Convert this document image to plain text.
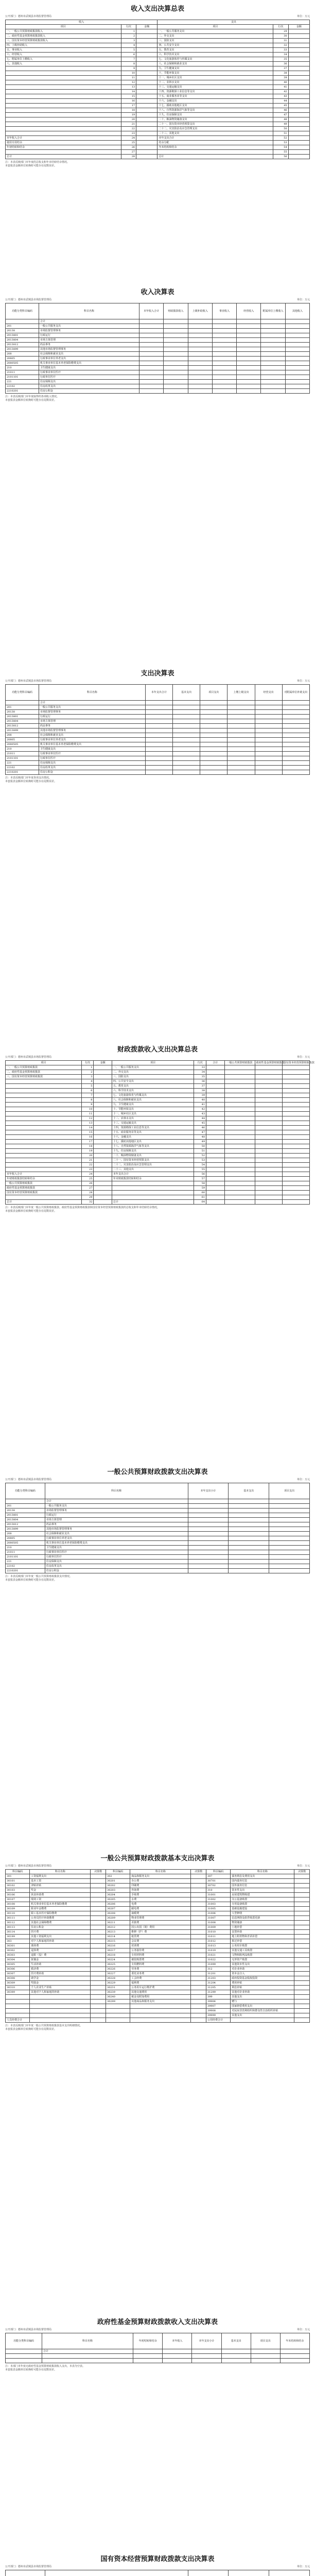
收入支出决算总表
公开部门：德州市武城县市场监督管理局	单位：万元
收入			支出		
项目	行次	金额	项目	行次	金额
一、一般公共预算财政拨款收入	1		一、一般公共服务支出	29	
二、政府性基金预算财政拨款收入	2		二、外交支出	30	
三、国有资本经营预算财政拨款收入	3		三、国防支出	31	
四、上级补助收入	4		四、公共安全支出	32	
五、事业收入	5		五、教育支出	33	
六、经营收入	6		六、科学技术支出	34	
七、附属单位上缴收入	7		七、文化旅游体育与传媒支出	35	
八、其他收入	8		八、社会保障和就业支出	36	
	9		九、卫生健康支出	37	
	10		十、节能环保支出	38	
	11		十一、城乡社区支出	39	
	12		十二、农林水支出	40	
	13		十三、交通运输支出	41	
	14		十四、资源勘探工业信息等支出	42	
	15		十五、商业服务业等支出	43	
	16		十六、金融支出	44	
	17		十七、援助其他地区支出	45	
	18		十八、自然资源海洋气象等支出	46	
	19		十九、住房保障支出	47	
	20		二十、粮油物资储备支出	48	
	21		二十一、国有资本经营预算支出	49	
	22		二十二、灾害防治及应急管理支出	50	
	23		二十三、其他支出	51	
本年收入合计	24		本年支出合计	52	
使用专用结余	25		结余分配	53	
年初结转和结余	26		年末结转和结余	54	
	27			55	
总计	28		总计	56	
注：本表反映部门本年度的总收支和年末结转结余情况。
本套报表金额单位转换时可能存在尾数误差。
收入决算表
公开部门：德州市武城县市场监督管理局	单位：万元
功能分类科目编码	科目名称	本年收入合计	财政拨款收入	上级补助收入	事业收入	经营收入	附属单位上缴收入	其他收入
	合计							
201	一般公共服务支出							
20138	市场监督管理事务							
2013801	行政运行							
2013804	市场主体管理							
2013812	药品事务							
2013899	其他市场监督管理事务							
208	社会保障和就业支出							
20805	行政事业单位养老支出							
2080505	机关事业单位基本养老保险缴费支出							
210	卫生健康支出							
21011	行政事业单位医疗							
2101101	行政单位医疗							
221	住房保障支出							
22102	住房改革支出							
2210201	住房公积金							
注：本表反映部门本年度取得的各项收入情况。
本套报表金额单位转换时可能存在尾数误差。
支出决算表
公开部门：德州市武城县市场监督管理局	单位：万元
功能分类科目编码	科目名称	本年支出合计	基本支出	项目支出	上缴上级支出	经营支出	对附属单位补助支出
	合计						
201	一般公共服务支出						
20138	市场监督管理事务						
2013801	行政运行						
2013804	市场主体管理						
2013812	药品事务						
2013899	其他市场监督管理事务						
208	社会保障和就业支出						
20805	行政事业单位养老支出						
2080505	机关事业单位基本养老保险缴费支出						
210	卫生健康支出						
21011	行政事业单位医疗						
2101101	行政单位医疗						
221	住房保障支出						
22102	住房改革支出						
2210201	住房公积金						
注：本表反映部门本年度各项支出情况。
本套报表金额单位转换时可能存在尾数误差。
财政拨款收入支出决算总表
公开部门：德州市武城县市场监督管理局	单位：万元
项目	行次	金额	项目	行次	合计	一般公共预算财政拨款	政府性基金预算财政拨款	国有资本经营预算财政拨款
一、一般公共预算财政拨款	1		一、一般公共服务支出	33				
二、政府性基金预算财政拨款	2		二、外交支出	34				
三、国有资本经营预算财政拨款	3		三、国防支出	35				
	4		四、公共安全支出	36				
	5		五、教育支出	37				
	6		六、科学技术支出	38				
	7		七、文化旅游体育与传媒支出	39				
	8		八、社会保障和就业支出	40				
	9		九、卫生健康支出	41				
	10		十、节能环保支出	42				
	11		十一、城乡社区支出	43				
	12		十二、农林水支出	44				
	13		十三、交通运输支出	45				
	14		十四、资源勘探工业信息等支出	46				
	15		十五、商业服务业等支出	47				
	16		十六、金融支出	48				
	17		十七、援助其他地区支出	49				
	18		十八、自然资源海洋气象等支出	50				
	19		十九、住房保障支出	51				
	20		二十、粮油物资储备支出	52				
	21		二十一、国有资本经营预算支出	53				
	22		二十二、灾害防治及应急管理支出	54				
	23		二十三、其他支出	55				
本年收入合计	24		本年支出合计	56				
年初财政拨款结转和结余	25		年末财政拨款结转和结余	57				
一般公共预算财政拨款	26			58				
政府性基金预算财政拨款	27			59				
国有资本经营预算财政拨款	28			60				
	29			61				
总计	32		总计	64				
注：本表反映部门本年度一般公共预算财政拨款、政府性基金预算财政拨款和国有资本经营预算财政拨款的总收支和年末结转结余情况。
本套报表金额单位转换时可能存在尾数误差。
一般公共预算财政拨款支出决算表
公开部门：德州市武城县市场监督管理局	单位：万元
功能分类科目编码	科目名称	本年支出小计	基本支出	项目支出
	合计			
201	一般公共服务支出			
20138	市场监督管理事务			
2013801	行政运行			
2013804	市场主体管理			
2013812	药品事务			
2013899	其他市场监督管理事务			
208	社会保障和就业支出			
20805	行政事业单位养老支出			
2080505	机关事业单位基本养老保险缴费支出			
210	卫生健康支出			
21011	行政事业单位医疗			
2101101	行政单位医疗			
221	住房保障支出			
22102	住房改革支出			
2210201	住房公积金			
注：本表反映部门本年度一般公共预算财政拨款支出情况。
本套报表金额单位转换时可能存在尾数误差。
一般公共预算财政拨款基本支出决算表
公开部门：德州市武城县市场监督管理局	单位：万元
科目编码	科目名称	决算数	科目编码	科目名称	决算数	科目编码	科目名称	决算数
301	工资福利支出		302	商品和服务支出		307	债务利息及费用支出	
30101	基本工资		30201	办公费		30701	国内债务付息	
30102	津贴补贴		30202	印刷费		30702	国外债务付息	
30103	奖金		30203	咨询费		310	资本性支出	
30106	伙食补助费		30204	手续费		31001	房屋建筑物购建	
30107	绩效工资		30205	水费		31002	办公设备购置	
30108	机关事业单位基本养老保险缴费		30206	电费		31003	专用设备购置	
30109	职业年金缴费		30207	邮电费		31005	基础设施建设	
30110	职工基本医疗保险缴费		30208	取暖费		31006	大型修缮	
30111	公务员医疗补助缴费		30209	物业管理费		31007	信息网络及软件购置更新	
30112	其他社会保障缴费		30211	差旅费		31008	物资储备	
30113	住房公积金		30212	因公出国（境）费用		31009	土地补偿	
30114	医疗费		30213	维修（护）费		31010	安置补助	
30199	其他工资福利支出		30214	租赁费		31011	地上附着物和青苗补偿	
303	对个人和家庭的补助		30215	会议费		31012	拆迁补偿	
30301	离休费		30216	培训费		31013	公务用车购置	
30302	退休费		30217	公务接待费		31019	其他交通工具购置	
30303	退职（役）费		30218	专用材料费		31021	文物和陈列品购置	
30304	抚恤金		30224	被装购置费		31022	无形资产购置	
30305	生活补助		30225	专用燃料费		31099	其他资本性支出	
30306	救济费		30226	劳务费		312	对企业补助	
30307	医疗费补助		30227	委托业务费		31201	资本金注入	
30308	助学金		30228	工会经费		31203	政府投资基金股权投资	
30309	奖励金		30229	福利费		31204	费用补贴	
30310	个人农业生产补贴		30231	公务用车运行维护费		31205	利息补贴	
30399	其他对个人和家庭的补助		30239	其他交通费用		31299	其他对企业补助	
			30240	税金及附加费用		399	其他支出	
			30299	其他商品和服务支出		39906	赠与	
						39907	国家赔偿费用支出	
						39908	对民间非营利组织和群众性自治组织补贴	
						39999	其他支出	
人员经费合计						公用经费合计		
注：本表反映部门本年度一般公共预算财政拨款基本支出明细情况。
本套报表金额单位转换时可能存在尾数误差。
政府性基金预算财政拨款收入支出决算表
公开部门：德州市武城县市场监督管理局	单位：万元
功能分类科目编码	科目名称	年初结转和结余	本年收入	本年支出小计	基本支出	项目支出	年末结转和结余
	合计						

注：本部门本年度无政府性基金预算财政拨款收入支出，本表为空表。
本套报表金额单位转换时可能存在尾数误差。
国有资本经营预算财政拨款支出决算表
公开部门：德州市武城县市场监督管理局	单位：万元
